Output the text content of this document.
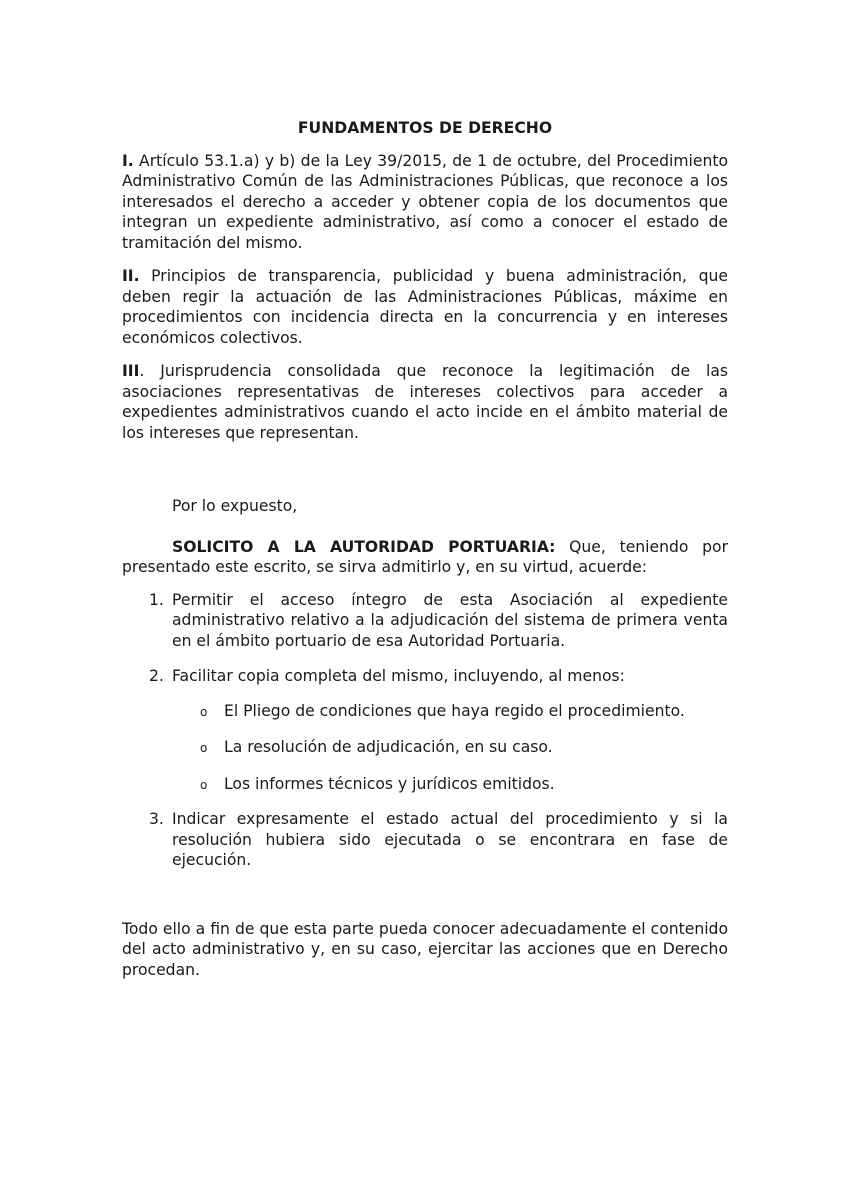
FUNDAMENTOS DE DERECHO

I. Artículo 53.1.a) y b) de la Ley 39/2015, de 1 de octubre, del Procedimiento Administrativo Común de las Administraciones Públicas, que reconoce a los interesados el derecho a acceder y obtener copia de los documentos que integran un expediente administrativo, así como a conocer el estado de tramitación del mismo.

II. Principios de transparencia, publicidad y buena administración, que deben regir la actuación de las Administraciones Públicas, máxime en procedimientos con incidencia directa en la concurrencia y en intereses económicos colectivos.

III. Jurisprudencia consolidada que reconoce la legitimación de las asociaciones representativas de intereses colectivos para acceder a expedientes administrativos cuando el acto incide en el ámbito material de los intereses que representan.

Por lo expuesto,

SOLICITO A LA AUTORIDAD PORTUARIA: Que, teniendo por presentado este escrito, se sirva admitirlo y, en su virtud, acuerde:

1. Permitir el acceso íntegro de esta Asociación al expediente administrativo relativo a la adjudicación del sistema de primera venta en el ámbito portuario de esa Autoridad Portuaria.
2. Facilitar copia completa del mismo, incluyendo, al menos:
o El Pliego de condiciones que haya regido el procedimiento.
o La resolución de adjudicación, en su caso.
o Los informes técnicos y jurídicos emitidos.
3. Indicar expresamente el estado actual del procedimiento y si la resolución hubiera sido ejecutada o se encontrara en fase de ejecución.

Todo ello a fin de que esta parte pueda conocer adecuadamente el contenido del acto administrativo y, en su caso, ejercitar las acciones que en Derecho procedan.
